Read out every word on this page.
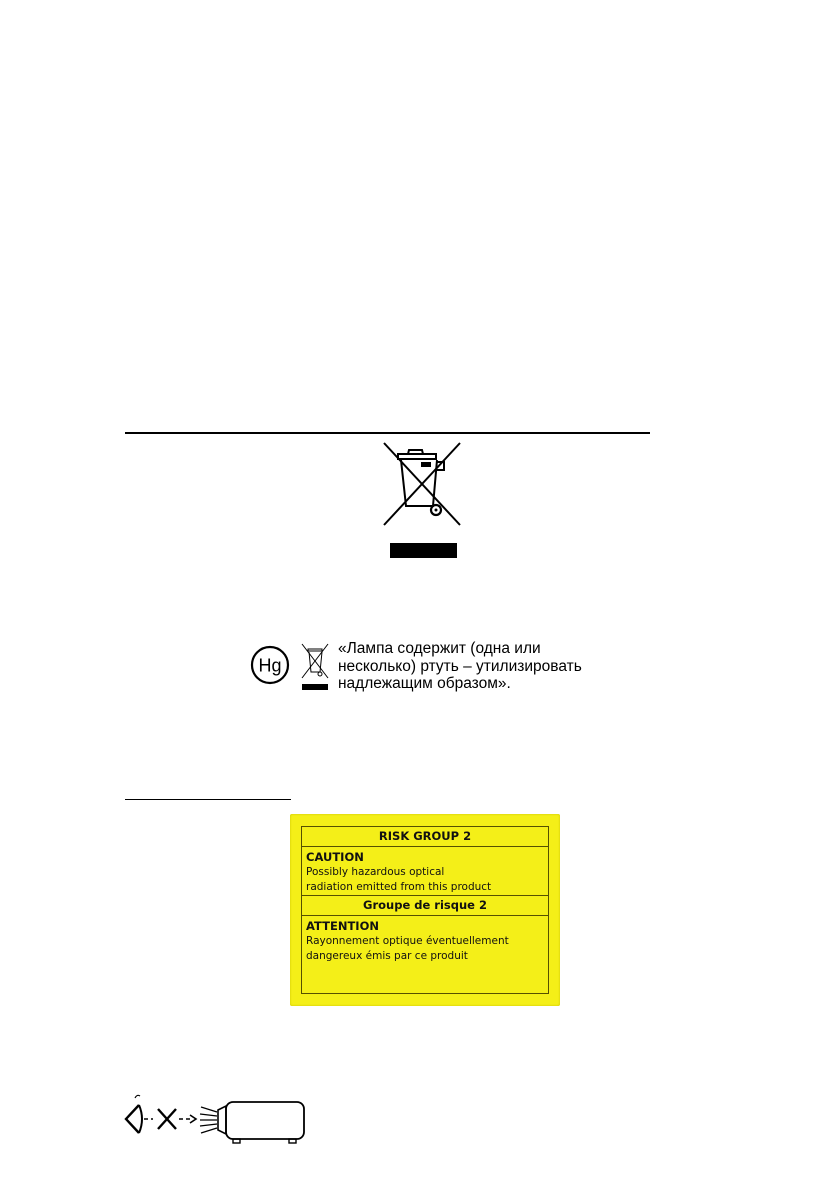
Hg
«Лампа содержит (одна или
несколько) ртуть – утилизировать
надлежащим образом».
RISK GROUP 2
CAUTION
Possibly hazardous optical
radiation emitted from this product
Groupe de risque 2
ATTENTION
Rayonnement optique éventuellement
dangereux émis par ce produit
